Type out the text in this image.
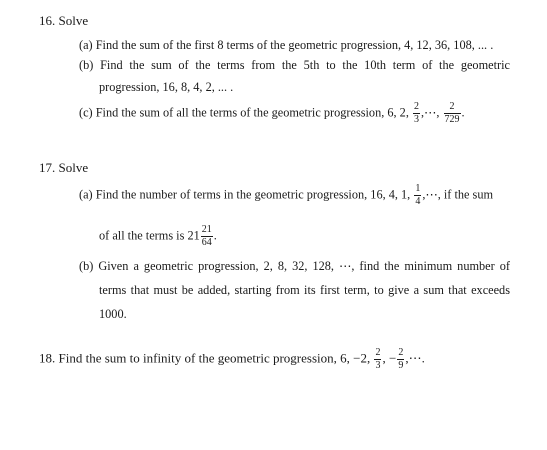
16. Solve
(a) Find the sum of the first 8 terms of the geometric progression, 4, 12, 36, 108, ... .
(b) Find the sum of the terms from the 5th to the 10th term of the geometric
progression, 16, 8, 4, 2, ... .
(c) Find the sum of all the terms of the geometric progression, 6, 2, $\frac{2}{3}$ ,⋯, $\frac{2}{729}$ .
17. Solve
(a) Find the number of terms in the geometric progression, 16, 4, 1, $\frac{1}{4}$ ,⋯, if the sum
of all the terms is $21 \frac{21}{64}$ .
(b) Given a geometric progression, 2, 8, 32, 128, ⋯, find the minimum number of
terms that must be added, starting from its first term, to give a sum that exceeds
1000.
18. Find the sum to infinity of the geometric progression, 6, −2, $\frac{2}{3}$ , − $\frac{2}{9}$ ,⋯.
